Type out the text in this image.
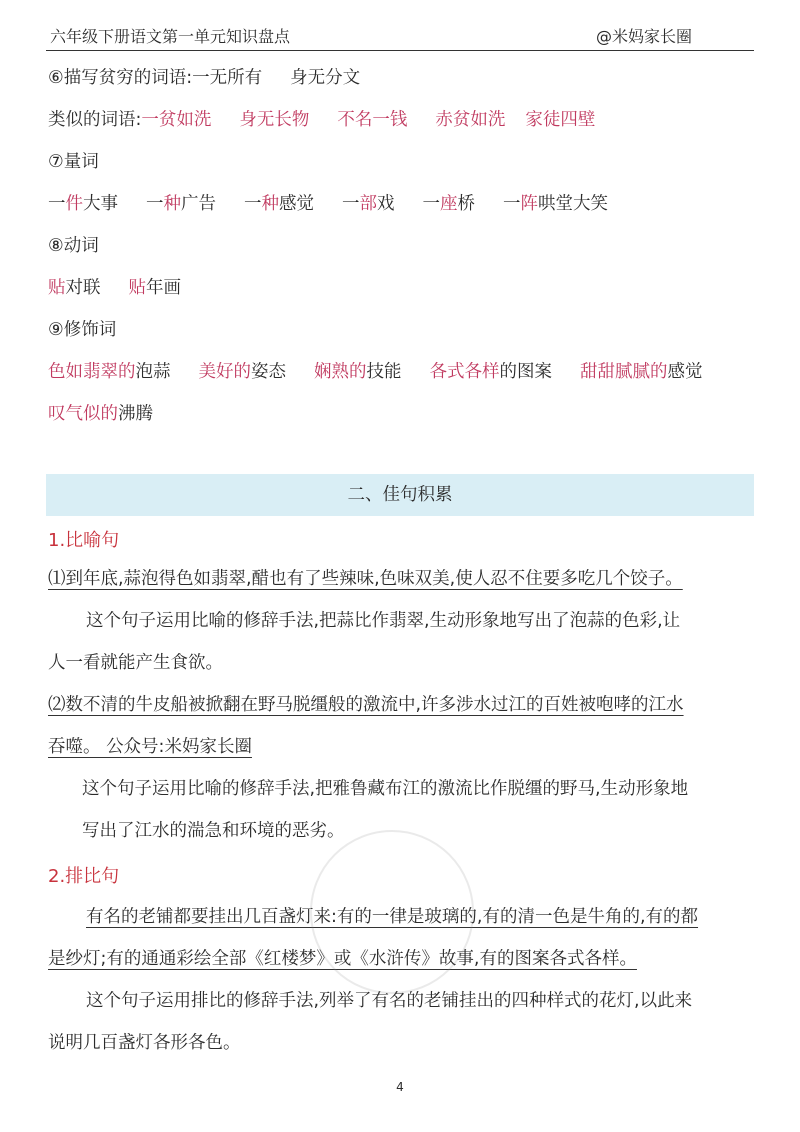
六年级下册语文第一单元知识盘点	@米妈家长圈
⑥描写贫穷的词语:一无所有 身无分文
类似的词语:一贫如洗 身无长物 不名一钱 赤贫如洗 家徒四壁
⑦量词
一件大事 一种广告 一种感觉 一部戏 一座桥 一阵哄堂大笑
⑧动词
贴对联 贴年画
⑨修饰词
色如翡翠的泡蒜 美好的姿态 娴熟的技能 各式各样的图案 甜甜腻腻的感觉
叹气似的沸腾
二、佳句积累
1.比喻句
⑴到年底,蒜泡得色如翡翠,醋也有了些辣味,色味双美,使人忍不住要多吃几个饺子。
这个句子运用比喻的修辞手法,把蒜比作翡翠,生动形象地写出了泡蒜的色彩,让
人一看就能产生食欲。
⑵数不清的牛皮船被掀翻在野马脱缰般的激流中,许多涉水过江的百姓被咆哮的江水
吞噬。 公众号:米妈家长圈
这个句子运用比喻的修辞手法,把雅鲁藏布江的激流比作脱缰的野马,生动形象地
写出了江水的湍急和环境的恶劣。
2.排比句
有名的老铺都要挂出几百盏灯来:有的一律是玻璃的,有的清一色是牛角的,有的都
是纱灯;有的通通彩绘全部《红楼梦》或《水浒传》故事,有的图案各式各样。
这个句子运用排比的修辞手法,列举了有名的老铺挂出的四种样式的花灯,以此来
说明几百盏灯各形各色。
4
